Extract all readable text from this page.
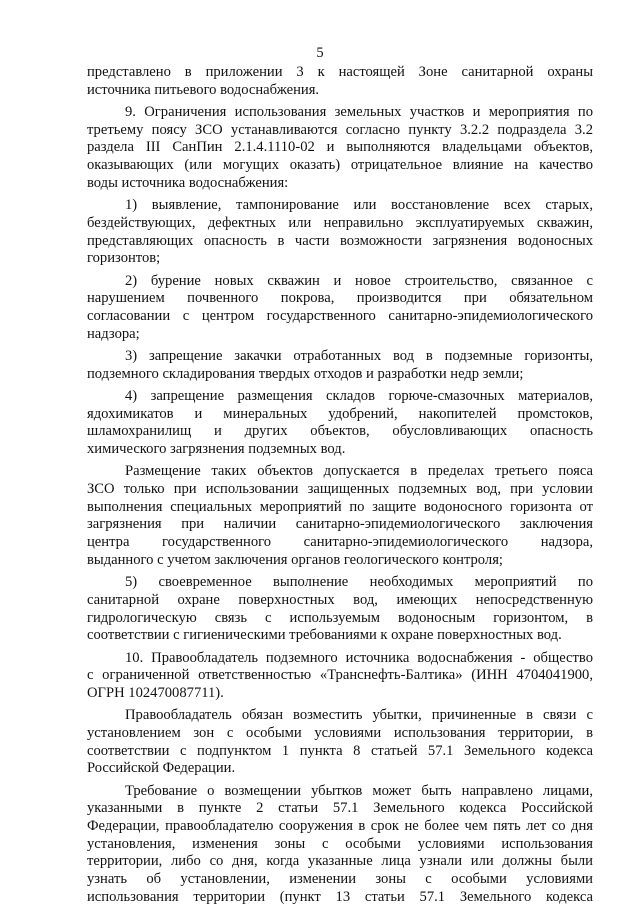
5
представлено в приложении 3 к настоящей Зоне санитарной охраны
источника питьевого водоснабжения.
9. Ограничения использования земельных участков и мероприятия по
третьему поясу ЗСО устанавливаются согласно пункту 3.2.2 подраздела 3.2
раздела III СанПин 2.1.4.1110-02 и выполняются владельцами объектов,
оказывающих (или могущих оказать) отрицательное влияние на качество
воды источника водоснабжения:
1) выявление, тампонирование или восстановление всех старых,
бездействующих, дефектных или неправильно эксплуатируемых скважин,
представляющих опасность в части возможности загрязнения водоносных
горизонтов;
2) бурение новых скважин и новое строительство, связанное с
нарушением почвенного покрова, производится при обязательном
согласовании с центром государственного санитарно-эпидемиологического
надзора;
3) запрещение закачки отработанных вод в подземные горизонты,
подземного складирования твердых отходов и разработки недр земли;
4) запрещение размещения складов горюче-смазочных материалов,
ядохимикатов и минеральных удобрений, накопителей промстоков,
шламохранилищ и других объектов, обусловливающих опасность
химического загрязнения подземных вод.
Размещение таких объектов допускается в пределах третьего пояса
ЗСО только при использовании защищенных подземных вод, при условии
выполнения специальных мероприятий по защите водоносного горизонта от
загрязнения при наличии санитарно-эпидемиологического заключения
центра государственного санитарно-эпидемиологического надзора,
выданного с учетом заключения органов геологического контроля;
5) своевременное выполнение необходимых мероприятий по
санитарной охране поверхностных вод, имеющих непосредственную
гидрологическую связь с используемым водоносным горизонтом, в
соответствии с гигиеническими требованиями к охране поверхностных вод.
10. Правообладатель подземного источника водоснабжения - общество
с ограниченной ответственностью «Транснефть-Балтика» (ИНН 4704041900,
ОГРН 102470087711).
Правообладатель обязан возместить убытки, причиненные в связи с
установлением зон с особыми условиями использования территории, в
соответствии с подпунктом 1 пункта 8 статьей 57.1 Земельного кодекса
Российской Федерации.
Требование о возмещении убытков может быть направлено лицами,
указанными в пункте 2 статьи 57.1 Земельного кодекса Российской
Федерации, правообладателю сооружения в срок не более чем пять лет со дня
установления, изменения зоны с особыми условиями использования
территории, либо со дня, когда указанные лица узнали или должны были
узнать об установлении, изменении зоны с особыми условиями
использования территории (пункт 13 статьи 57.1 Земельного кодекса
